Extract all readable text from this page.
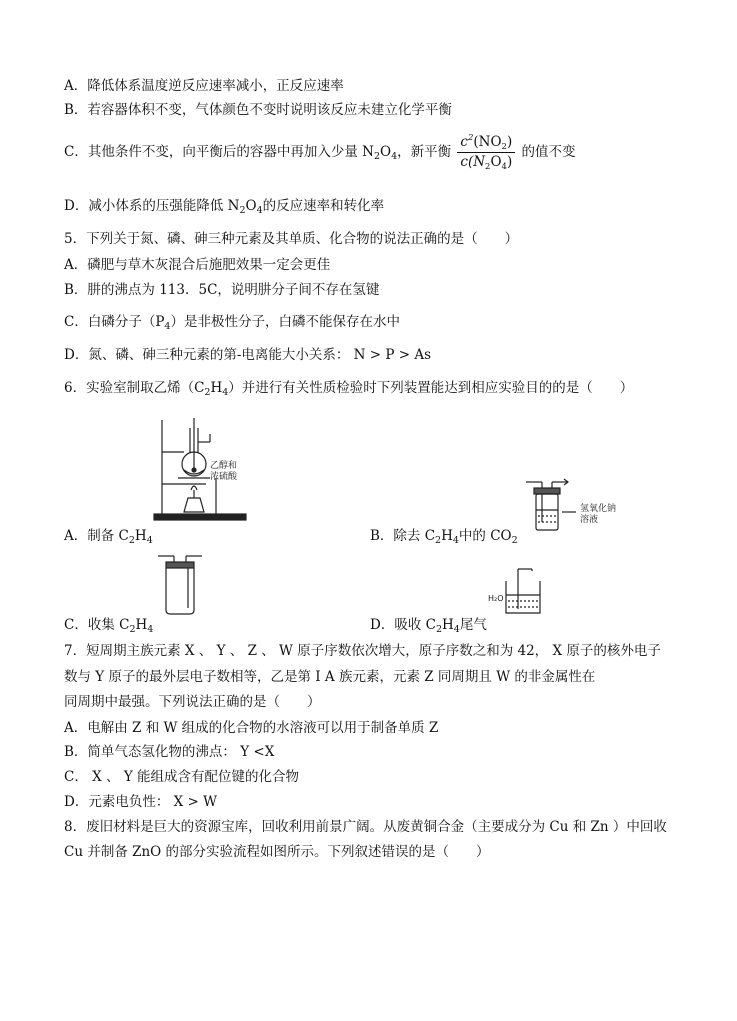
A．降低体系温度逆反应速率减小，正反应速率
B．若容器体积不变，气体颜色不变时说明该反应未建立化学平衡
C．其他条件不变，向平衡后的容器中再加入少量 $N_2O_4$，新平衡 $\frac{c^2(NO_2)}{c(N_2O_4)}$ 的值不变
D．减小体系的压强能降低 $N_2O_4$的反应速率和转化率
5．下列关于氮、磷、砷三种元素及其单质、化合物的说法正确的是（　　）
A．磷肥与草木灰混合后施肥效果一定会更佳
B．肼的沸点为 113．5C，说明肼分子间不存在氢键
C．白磷分子$(P_4)$是非极性分子，白磷不能保存在水中
D．氮、磷、砷三种元素的第-电离能大小关系： N > P > As
6．实验室制取乙烯$(C_2H_4)$并进行有关性质检验时下列装置能达到相应实验目的的是（　　）
乙醇和
浓硫酸
A．制备 $C_2H_4$
氢氧化钠
溶液
B．除去 $C_2H_4$中的 $CO_2$
C．收集 $C_2H_4$
H₂O
D．吸收 $C_2H_4$尾气
7．短周期主族元素 X 、 Y 、 Z 、 W 原子序数依次增大，原子序数之和为 42， X 原子的核外电子
数与 Y 原子的最外层电子数相等，乙是第 I A 族元素，元素 Z 同周期且 W 的非金属性在
同周期中最强。下列说法正确的是（　　）
A．电解由 Z 和 W 组成的化合物的水溶液可以用于制备单质 Z
B．简单气态氢化物的沸点： Y <X
C． X 、 Y 能组成含有配位键的化合物
D．元素电负性： X > W
8．废旧材料是巨大的资源宝库，回收利用前景广阔。从废黄铜合金（主要成分为 Cu 和 Zn ）中回收
Cu 并制备 ZnO 的部分实验流程如图所示。下列叙述错误的是（　　）
